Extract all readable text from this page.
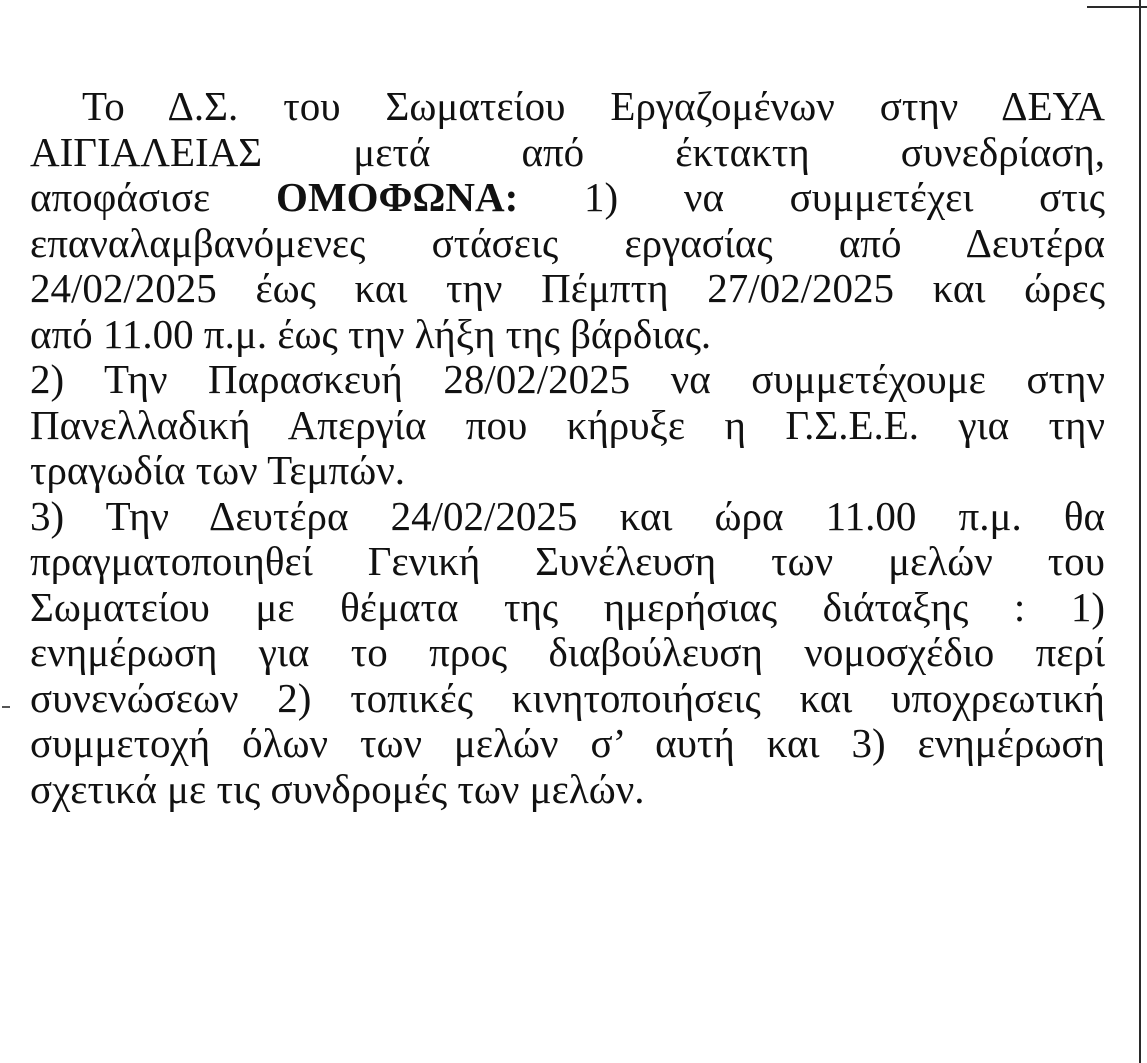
Το Δ.Σ. του Σωματείου Εργαζομένων στην ΔΕΥΑ
ΑΙΓΙΑΛΕΙΑΣ μετά από έκτακτη συνεδρίαση,
αποφάσισε ΟΜΟΦΩΝΑ: 1) να συμμετέχει στις
επαναλαμβανόμενες στάσεις εργασίας από Δευτέρα
24/02/2025 έως και την Πέμπτη 27/02/2025 και ώρες
από 11.00 π.μ. έως την λήξη της βάρδιας.
2) Την Παρασκευή 28/02/2025 να συμμετέχουμε στην
Πανελλαδική Απεργία που κήρυξε η Γ.Σ.Ε.Ε. για την
τραγωδία των Τεμπών.
3) Την Δευτέρα 24/02/2025 και ώρα 11.00 π.μ. θα
πραγματοποιηθεί Γενική Συνέλευση των μελών του
Σωματείου με θέματα της ημερήσιας διάταξης : 1)
ενημέρωση για το προς διαβούλευση νομοσχέδιο περί
συνενώσεων 2) τοπικές κινητοποιήσεις και υποχρεωτική
συμμετοχή όλων των μελών σ’ αυτή και 3) ενημέρωση
σχετικά με τις συνδρομές των μελών.
